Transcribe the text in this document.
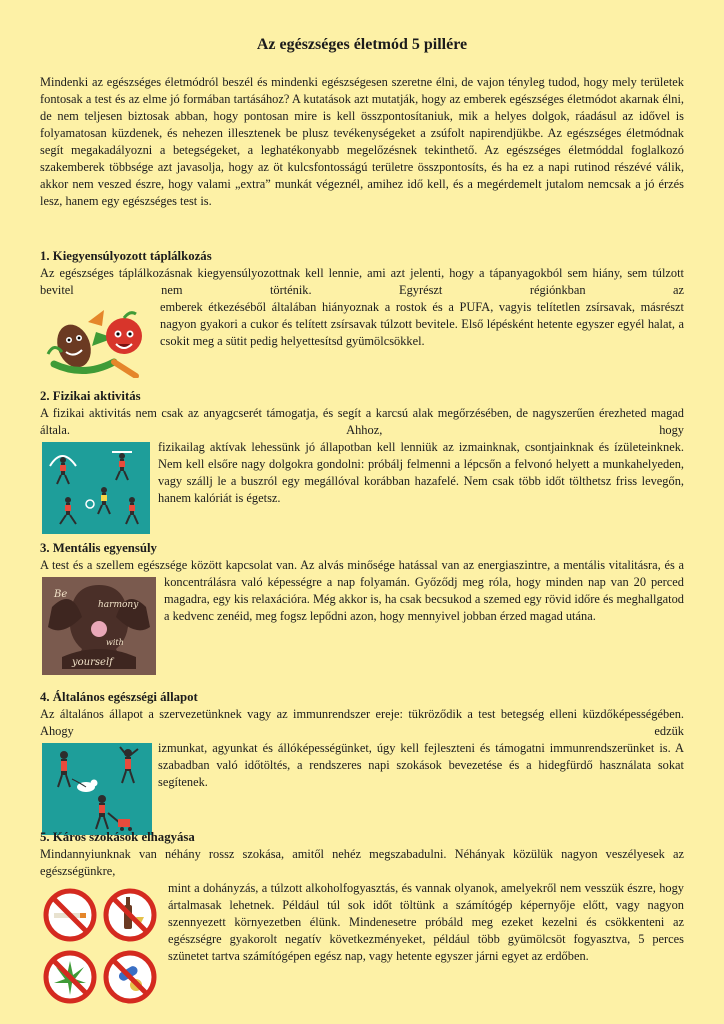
Az egészséges életmód 5 pillére
Mindenki az egészséges életmódról beszél és mindenki egészségesen szeretne élni, de vajon tényleg tudod, hogy mely területek fontosak a test és az elme jó formában tartásához? A kutatások azt mutatják, hogy az emberek egészséges életmódot akarnak élni, de nem teljesen biztosak abban, hogy pontosan mire is kell összpontosítaniuk, mik a helyes dolgok, ráadásul az idővel is folyamatosan küzdenek, és nehezen illesztenek be plusz tevékenységeket a zsúfolt napirendjükbe. Az egészséges életmódnak segít megakadályozni a betegségeket, a leghatékonyabb megelőzésnek tekinthető. Az egészséges életmóddal foglalkozó szakemberek többsége azt javasolja, hogy az öt kulcsfontosságú területre összpontosíts, és ha ez a napi rutinod részévé válik, akkor nem veszed észre, hogy valami „extra” munkát végeznél, amihez idő kell, és a megérdemelt jutalom nemcsak a jó érzés lesz, hanem egy egészséges test is.
1. Kiegyensúlyozott táplálkozás
Az egészséges táplálkozásnak kiegyensúlyozottnak kell lennie, ami azt jelenti, hogy a tápanyagokból sem hiány, sem túlzott bevitel nem történik. Egyrészt régiónkban az
emberek étkezéséből általában hiányoznak a rostok és a PUFA, vagyis telítetlen zsírsavak, másrészt nagyon gyakori a cukor és telített zsírsavak túlzott bevitele. Első lépésként hetente egyszer egyél halat, a csokit meg a sütit pedig helyettesítsd gyümölcsökkel.
2. Fizikai aktivitás
A fizikai aktivitás nem csak az anyagcserét támogatja, és segít a karcsú alak megőrzésében, de nagyszerűen érezheted magad általa. Ahhoz, hogy
fizikailag aktívak lehessünk jó állapotban kell lenniük az izmainknak, csontjainknak és ízületeinknek. Nem kell elsőre nagy dolgokra gondolni: próbálj felmenni a lépcsőn a felvonó helyett a munkahelyeden, vagy szállj le a buszról egy megállóval korábban hazafelé. Nem csak több időt tölthetsz friss levegőn, hanem kalóriát is égetsz.
3. Mentális egyensúly
A test és a szellem egészsége között kapcsolat van. Az alvás minősége hatással van az energiaszintre, a mentális vitalitásra, és a
Be
harmony
with
yourself
koncentrálásra való képességre a nap folyamán. Győződj meg róla, hogy minden nap van 20 perced magadra, egy kis relaxációra. Még akkor is, ha csak becsukod a szemed egy rövid időre és meghallgatod a kedvenc zenéid, meg fogsz lepődni azon, hogy mennyivel jobban érzed magad utána.
4. Általános egészségi állapot
Az általános állapot a szervezetünknek vagy az immunrendszer ereje: tükröződik a test betegség elleni küzdőképességében. Ahogy edzük
izmunkat, agyunkat és állóképességünket, úgy kell fejleszteni és támogatni immunrendszerünket is. A szabadban való időtöltés, a rendszeres napi szokások bevezetése és a hidegfürdő használata sokat segítenek.
5. Káros szokások elhagyása
Mindannyiunknak van néhány rossz szokása, amitől nehéz megszabadulni. Néhányak közülük nagyon veszélyesek az egészségünkre,
mint a dohányzás, a túlzott alkoholfogyasztás, és vannak olyanok, amelyekről nem vesszük észre, hogy ártalmasak lehetnek. Például túl sok időt töltünk a számítógép képernyője előtt, vagy nagyon szennyezett környezetben élünk. Mindenesetre próbáld meg ezeket kezelni és csökkenteni az egészségre gyakorolt negatív következményeket, például több gyümölcsöt fogyasztva, 5 perces szünetet tartva számítógépen egész nap, vagy hetente egyszer járni egyet az erdőben.
